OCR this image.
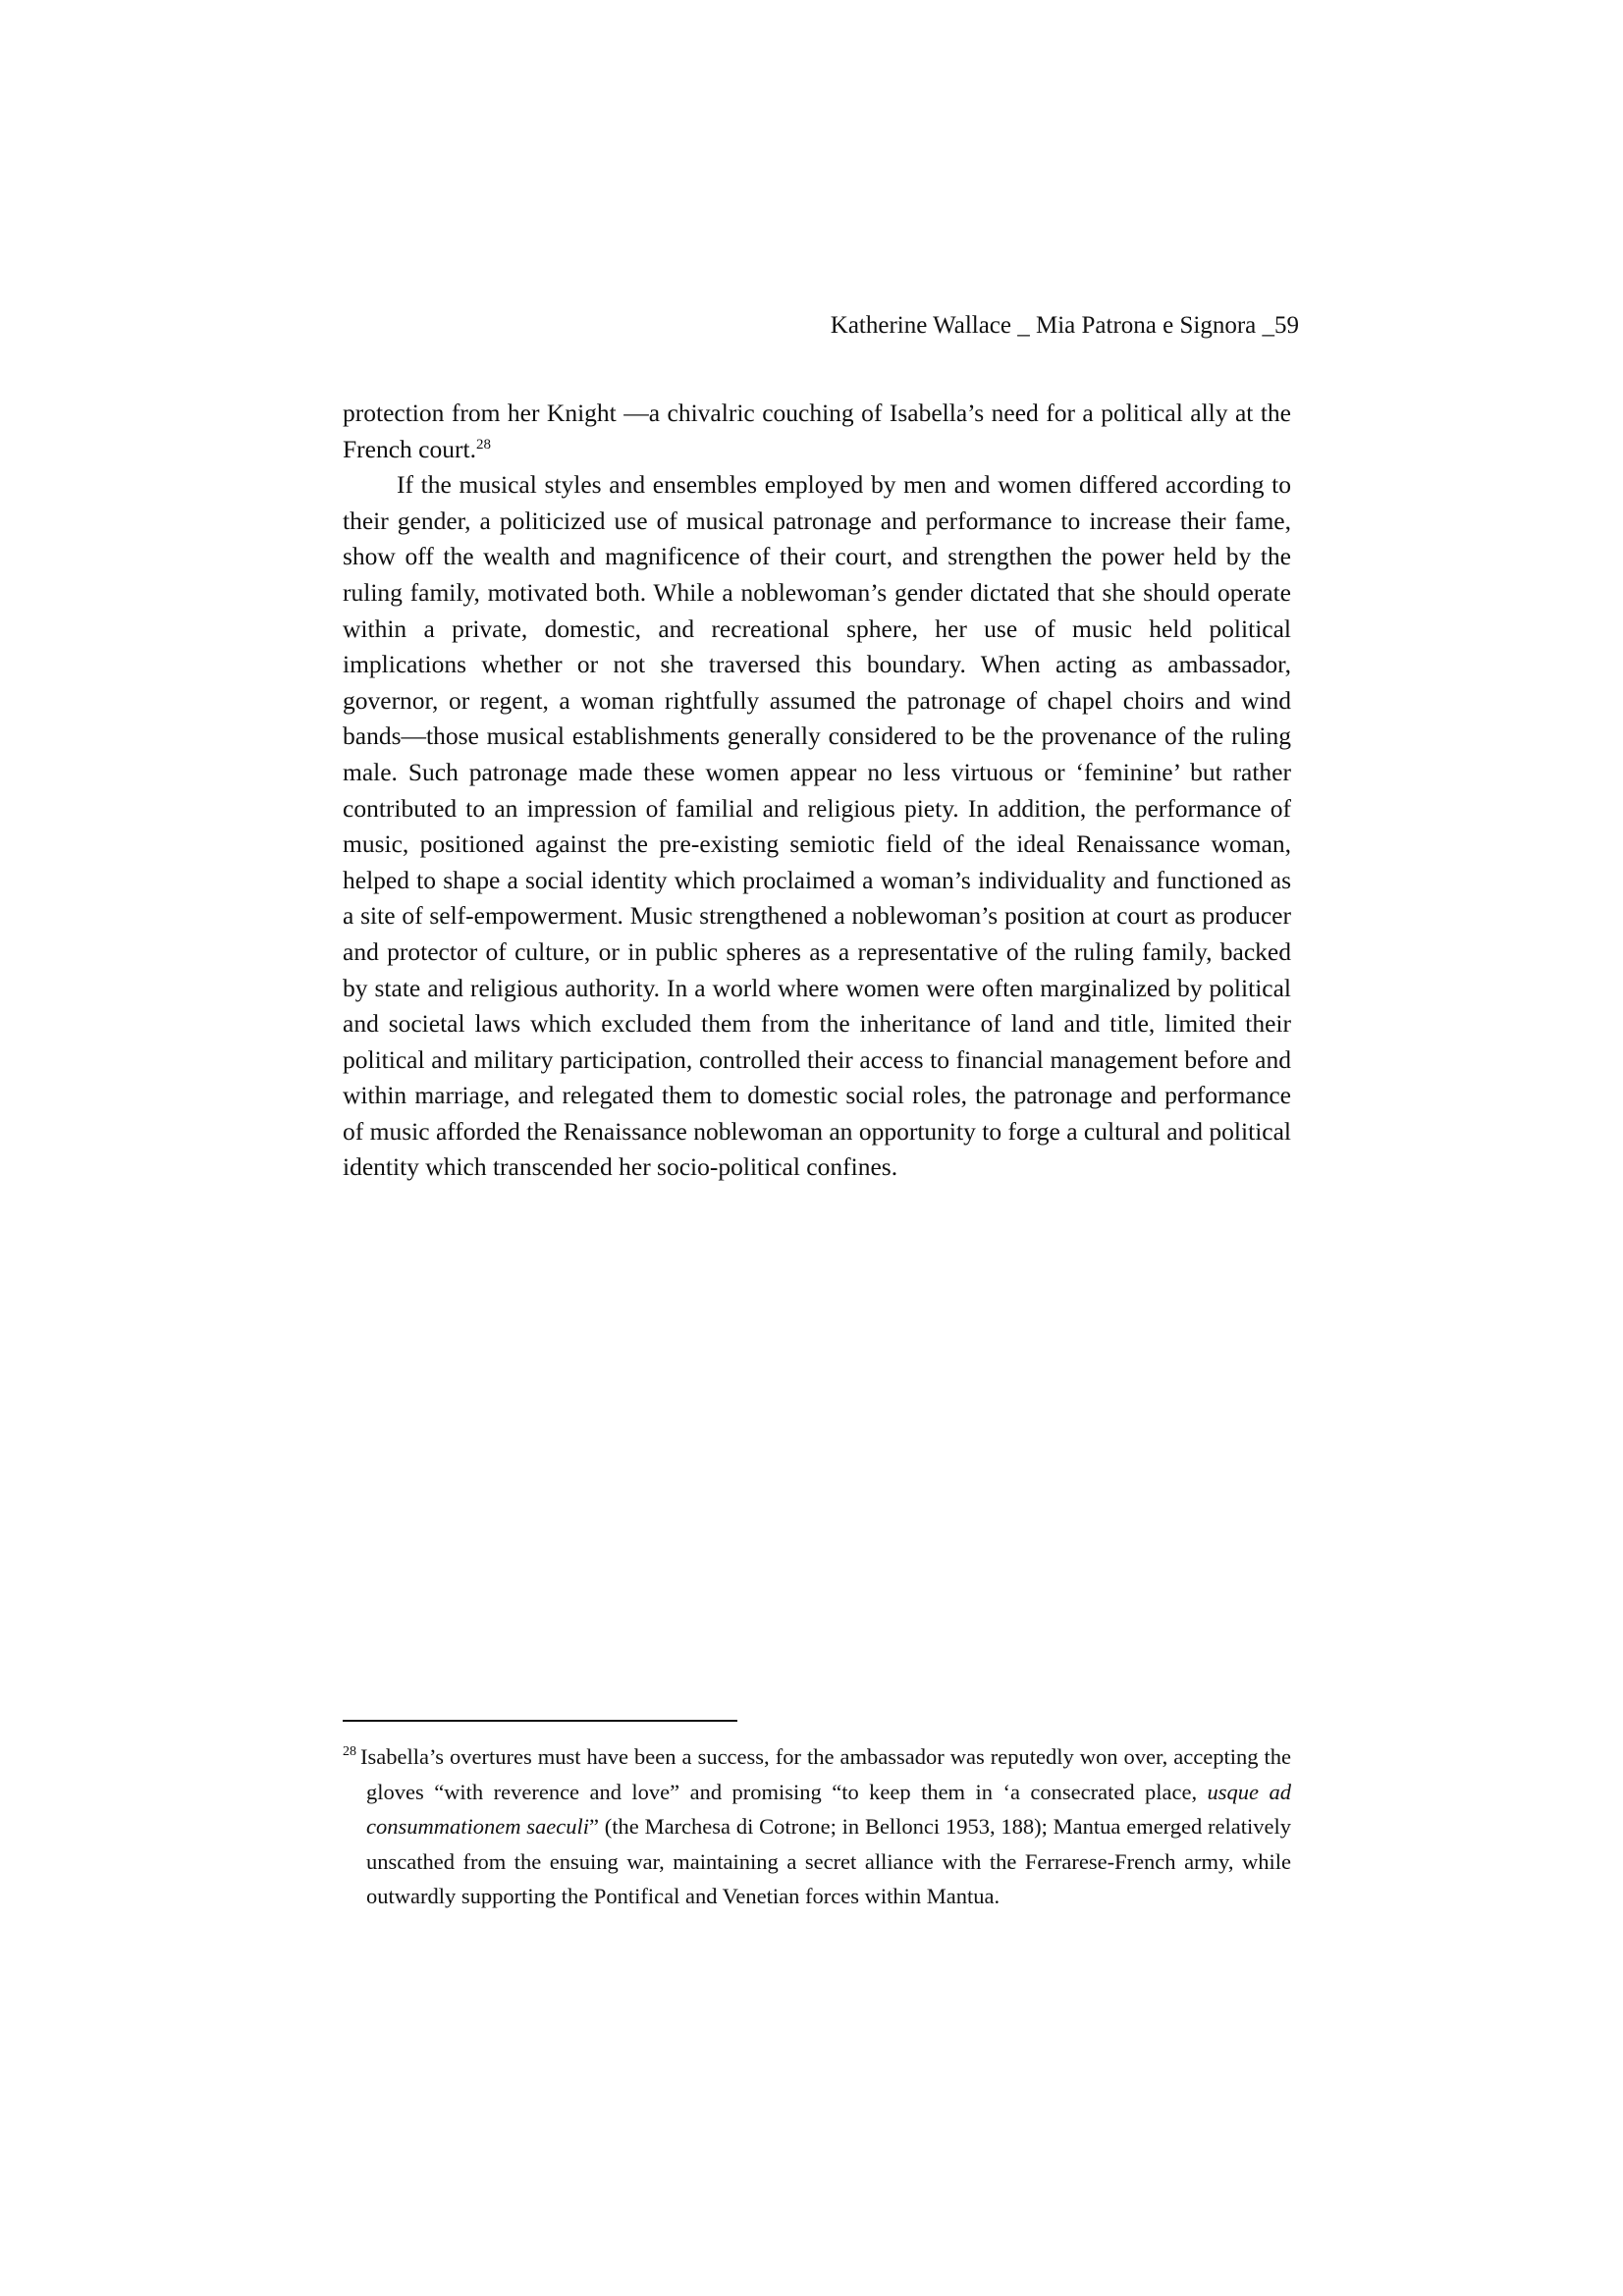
Katherine Wallace _ Mia Patrona e Signora _59

protection from her Knight —a chivalric couching of Isabella’s need for a political ally at the French court.$^{28}$

If the musical styles and ensembles employed by men and women differed according to their gender, a politicized use of musical patronage and performance to increase their fame, show off the wealth and magnificence of their court, and strengthen the power held by the ruling family, motivated both. While a noblewoman’s gender dictated that she should operate within a private, domestic, and recreational sphere, her use of music held political implications whether or not she traversed this boundary. When acting as ambassador, governor, or regent, a woman rightfully assumed the patronage of chapel choirs and wind bands—those musical establishments generally considered to be the provenance of the ruling male. Such patronage made these women appear no less virtuous or ‘feminine’ but rather contributed to an impression of familial and religious piety. In addition, the performance of music, positioned against the pre-existing semiotic field of the ideal Renaissance woman, helped to shape a social identity which proclaimed a woman’s individuality and functioned as a site of self-empowerment. Music strengthened a noblewoman’s position at court as producer and protector of culture, or in public spheres as a representative of the ruling family, backed by state and religious authority. In a world where women were often marginalized by political and societal laws which excluded them from the inheritance of land and title, limited their political and military participation, controlled their access to financial management before and within marriage, and relegated them to domestic social roles, the patronage and performance of music afforded the Renaissance noblewoman an opportunity to forge a cultural and political identity which transcended her socio-political confines.

$^{28}$ Isabella’s overtures must have been a success, for the ambassador was reputedly won over, accepting the gloves “with reverence and love” and promising “to keep them in ‘a consecrated place, usque ad consummationem saeculi” (the Marchesa di Cotrone; in Bellonci 1953, 188); Mantua emerged relatively unscathed from the ensuing war, maintaining a secret alliance with the Ferrarese-French army, while outwardly supporting the Pontifical and Venetian forces within Mantua.
